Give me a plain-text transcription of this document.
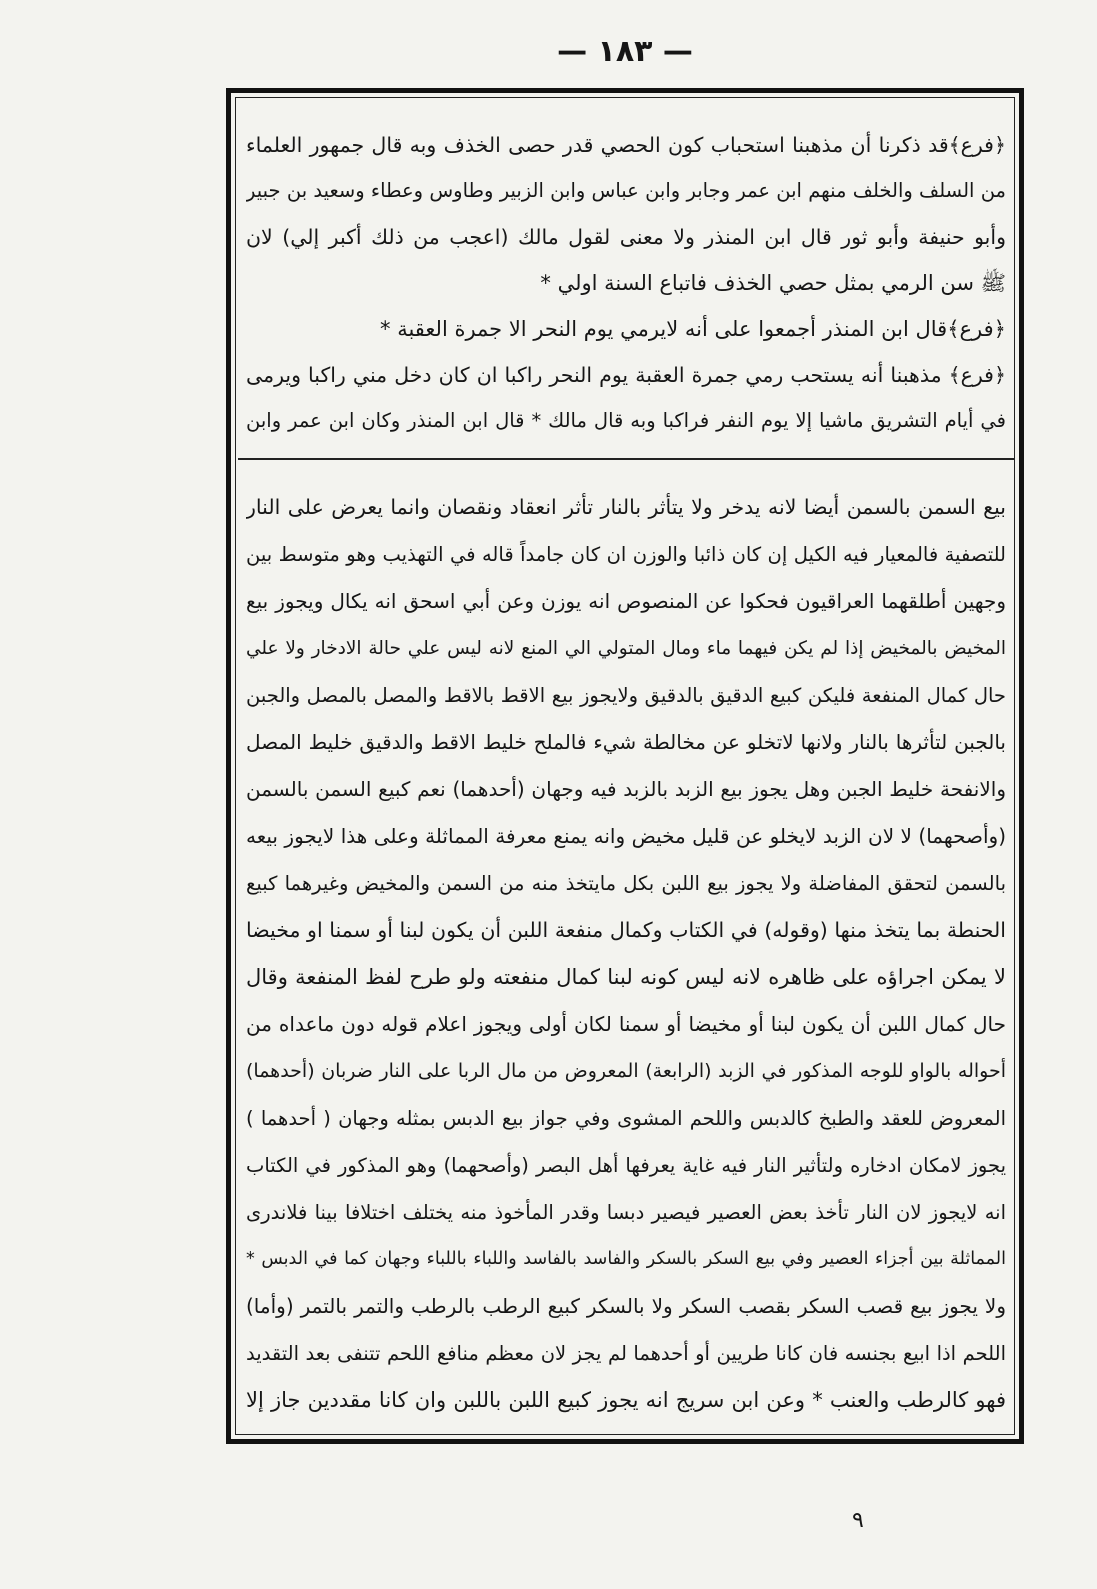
— ١٨٣ —
﴿فرع﴾قد ذكرنا أن مذهبنا استحباب كون الحصي قدر حصى الخذف وبه قال جمهور العلماء
من السلف والخلف منهم ابن عمر وجابر وابن عباس وابن الزبير وطاوس وعطاء وسعيد بن جبير
وأبو حنيفة وأبو ثور قال ابن المنذر ولا معنى لقول مالك (اعجب من ذلك أكبر إلي) لان
ﷺ سن الرمي بمثل حصي الخذف فاتباع السنة اولي *
﴿فرع﴾قال ابن المنذر أجمعوا على أنه لايرمي يوم النحر الا جمرة العقبة *
﴿فرع﴾ مذهبنا أنه يستحب رمي جمرة العقبة يوم النحر راكبا ان كان دخل مني راكبا ويرمى
في أيام التشريق ماشيا إلا يوم النفر فراكبا وبه قال مالك * قال ابن المنذر وكان ابن عمر وابن
بيع السمن بالسمن أيضا لانه يدخر ولا يتأثر بالنار تأثر انعقاد ونقصان وانما يعرض على النار
للتصفية فالمعيار فيه الكيل إن كان ذائبا والوزن ان كان جامداً قاله في التهذيب وهو متوسط بين
وجهين أطلقهما العراقيون فحكوا عن المنصوص انه يوزن وعن أبي اسحق انه يكال ويجوز بيع
المخيض بالمخيض إذا لم يكن فيهما ماء ومال المتولي الي المنع لانه ليس علي حالة الادخار ولا علي
حال كمال المنفعة فليكن كبيع الدقيق بالدقيق ولايجوز بيع الاقط بالاقط والمصل بالمصل والجبن
بالجبن لتأثرها بالنار ولانها لاتخلو عن مخالطة شيء فالملح خليط الاقط والدقيق خليط المصل
والانفحة خليط الجبن وهل يجوز بيع الزبد بالزبد فيه وجهان (أحدهما) نعم كبيع السمن بالسمن
(وأصحهما) لا لان الزبد لايخلو عن قليل مخيض وانه يمنع معرفة المماثلة وعلى هذا لايجوز بيعه
بالسمن لتحقق المفاضلة ولا يجوز بيع اللبن بكل مايتخذ منه من السمن والمخيض وغيرهما كبيع
الحنطة بما يتخذ منها (وقوله) في الكتاب وكمال منفعة اللبن أن يكون لبنا أو سمنا او مخيضا
لا يمكن اجراؤه على ظاهره لانه ليس كونه لبنا كمال منفعته ولو طرح لفظ المنفعة وقال
حال كمال اللبن أن يكون لبنا أو مخيضا أو سمنا لكان أولى ويجوز اعلام قوله دون ماعداه من
أحواله بالواو للوجه المذكور في الزبد (الرابعة) المعروض من مال الربا على النار ضربان (أحدهما)
المعروض للعقد والطبخ كالدبس واللحم المشوى وفي جواز بيع الدبس بمثله وجهان ( أحدهما )
يجوز لامكان ادخاره ولتأثير النار فيه غاية يعرفها أهل البصر (وأصحهما) وهو المذكور في الكتاب
انه لايجوز لان النار تأخذ بعض العصير فيصير دبسا وقدر المأخوذ منه يختلف اختلافا بينا فلاندرى
المماثلة بين أجزاء العصير وفي بيع السكر بالسكر والفاسد بالفاسد واللباء باللباء وجهان كما في الدبس *
ولا يجوز بيع قصب السكر بقصب السكر ولا بالسكر كبيع الرطب بالرطب والتمر بالتمر (وأما)
اللحم اذا ابيع بجنسه فان كانا طريين أو أحدهما لم يجز لان معظم منافع اللحم تتنفى بعد التقديد
فهو كالرطب والعنب * وعن ابن سريج انه يجوز كبيع اللبن باللبن وان كانا مقددين جاز إلا
٩
